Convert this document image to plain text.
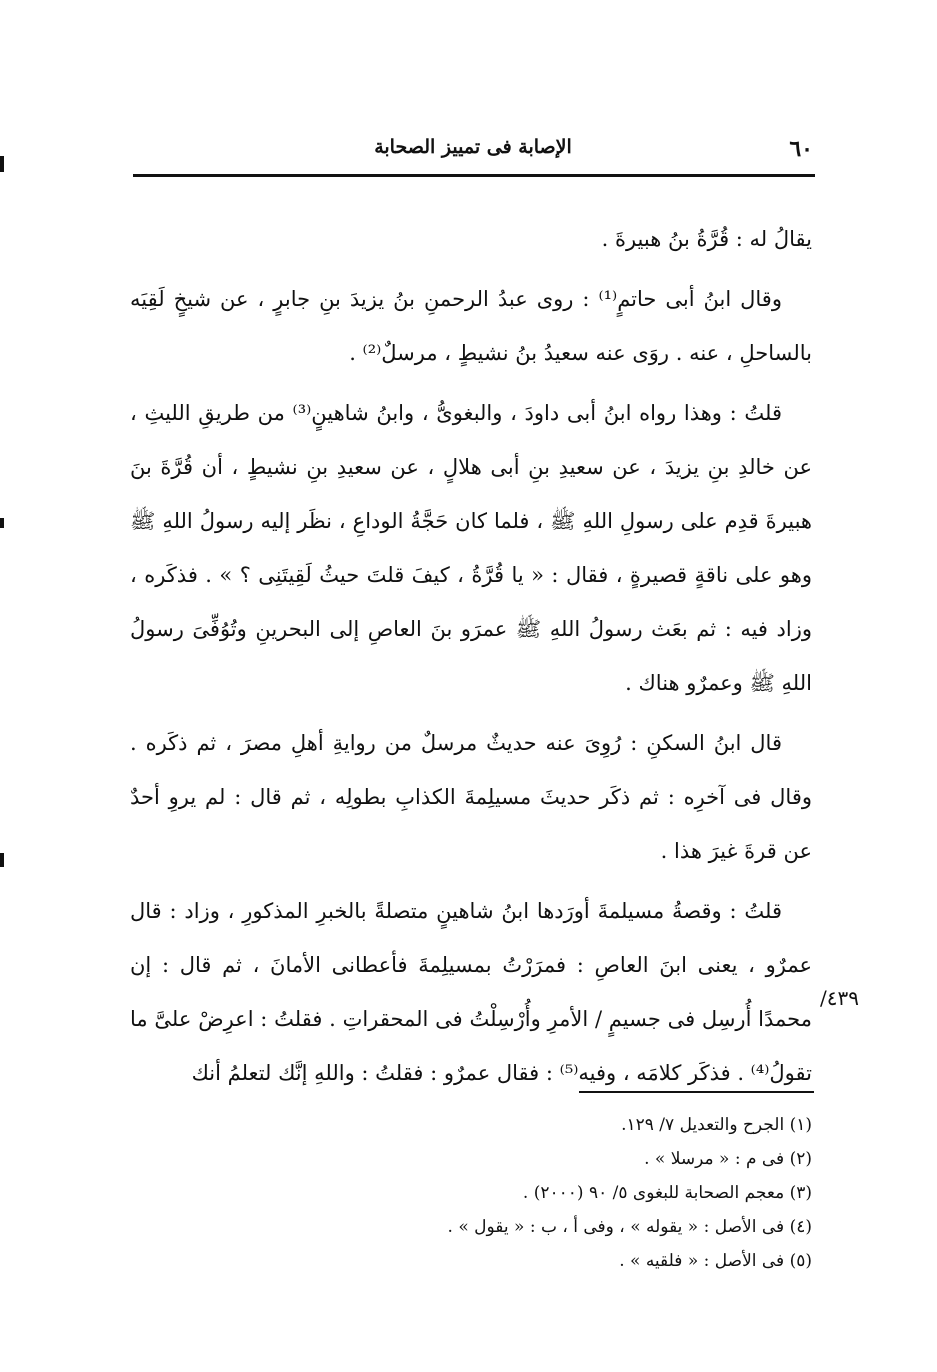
٦٠
الإصابة فى تمييز الصحابة

يقالُ له : قُرَّةُ بنُ هبيرةَ .

وقال ابنُ أبى حاتمٍ⁽¹⁾ : روى عبدُ الرحمنِ بنُ يزيدَ بنِ جابرٍ ، عن شيخٍ لَقِيَه بالساحلِ ، عنه . روَى عنه سعيدُ بنُ نشيطٍ ، مرسلٌ⁽²⁾ .

قلتُ : وهذا رواه ابنُ أبى داودَ ، والبغوىُّ ، وابنُ شاهينٍ⁽³⁾ من طريقِ الليثِ ، عن خالدِ بنِ يزيدَ ، عن سعيدِ بنِ أبى هلالٍ ، عن سعيدِ بنِ نشيطٍ ، أن قُرَّةَ بنَ هبيرةَ قدِم على رسولِ اللهِ ﷺ ، فلما كان حَجَّةُ الوداعِ ، نظَر إليه رسولُ اللهِ ﷺ وهو على ناقةٍ قصيرةٍ ، فقال : « يا قُرَّةُ ، كيفَ قلتَ حيثُ لَقِيتَنِى ؟ » . فذكَره ، وزاد فيه : ثم بعَث رسولُ اللهِ ﷺ عمرَو بنَ العاصِ إلى البحرينِ وتُوُفِّىَ رسولُ اللهِ ﷺ وعمرٌو هناك .

قال ابنُ السكنِ : رُوِىَ عنه حديثٌ مرسلٌ من روايةِ أهلِ مصرَ ، ثم ذكَره . وقال فى آخرِه : ثم ذكَر حديثَ مسيلِمةَ الكذابِ بطولِه ، ثم قال : لم يروِ أحدٌ عن قرةَ غيرَ هذا .

قلتُ : وقصةُ مسيلمةَ أورَدها ابنُ شاهينٍ متصلةً بالخبرِ المذكورِ ، وزاد : قال عمرٌو ، يعنى ابنَ العاصِ : فمرَرْتُ بمسيلِمةَ فأعطانى الأمانَ ، ثم قال : إن محمدًا أُرسِل فى جسيمٍ / الأمرِ وأُرْسِلْتُ فى المحقراتِ . فقلتُ : اعرِضْ علىَّ ما تقولُ⁽⁴⁾ . فذكَر كلامَه ، وفيه⁽⁵⁾ : فقال عمرٌو : فقلتُ : واللهِ إنَّك لتعلمُ أنك

٤٣٩/
(١) الجرح والتعديل ٧/ ١٢٩.
(٢) فى م : « مرسلا » .
(٣) معجم الصحابة للبغوى ٥/ ٩٠ (٢٠٠٠) .
(٤) فى الأصل : « يقوله » ، وفى أ ، ب : « يقول » .
(٥) فى الأصل : « فلقيه » .
